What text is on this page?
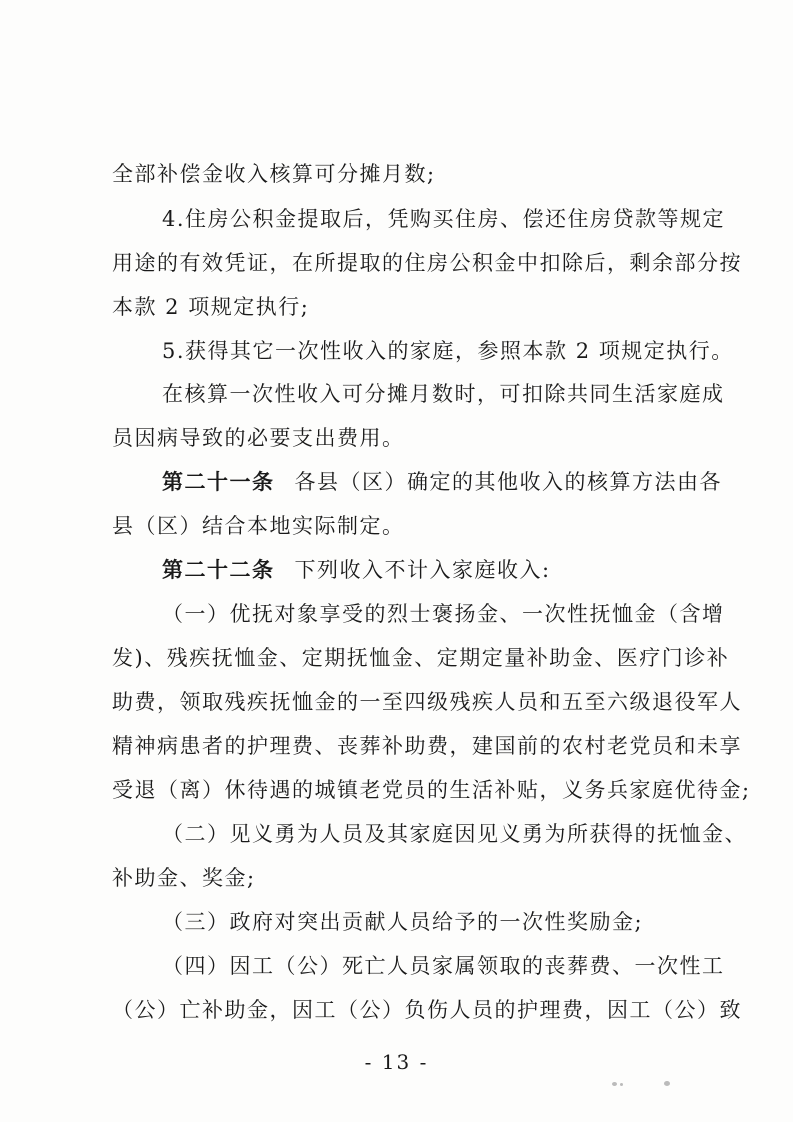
全部补偿金收入核算可分摊月数;
4.住房公积金提取后，凭购买住房、偿还住房贷款等规定
用途的有效凭证，在所提取的住房公积金中扣除后，剩余部分按
本款 2 项规定执行;
5.获得其它一次性收入的家庭，参照本款 2 项规定执行。
在核算一次性收入可分摊月数时，可扣除共同生活家庭成
员因病导致的必要支出费用。
第二十一条 各县（区）确定的其他收入的核算方法由各
县（区）结合本地实际制定。
第二十二条 下列收入不计入家庭收入:
（一）优抚对象享受的烈士褒扬金、一次性抚恤金（含增
发)、残疾抚恤金、定期抚恤金、定期定量补助金、医疗门诊补
助费，领取残疾抚恤金的一至四级残疾人员和五至六级退役军人
精神病患者的护理费、丧葬补助费，建国前的农村老党员和未享
受退（离）休待遇的城镇老党员的生活补贴，义务兵家庭优待金;
（二）见义勇为人员及其家庭因见义勇为所获得的抚恤金、
补助金、奖金;
（三）政府对突出贡献人员给予的一次性奖励金;
（四）因工（公）死亡人员家属领取的丧葬费、一次性工
（公）亡补助金，因工（公）负伤人员的护理费，因工（公）致
- 13 -
